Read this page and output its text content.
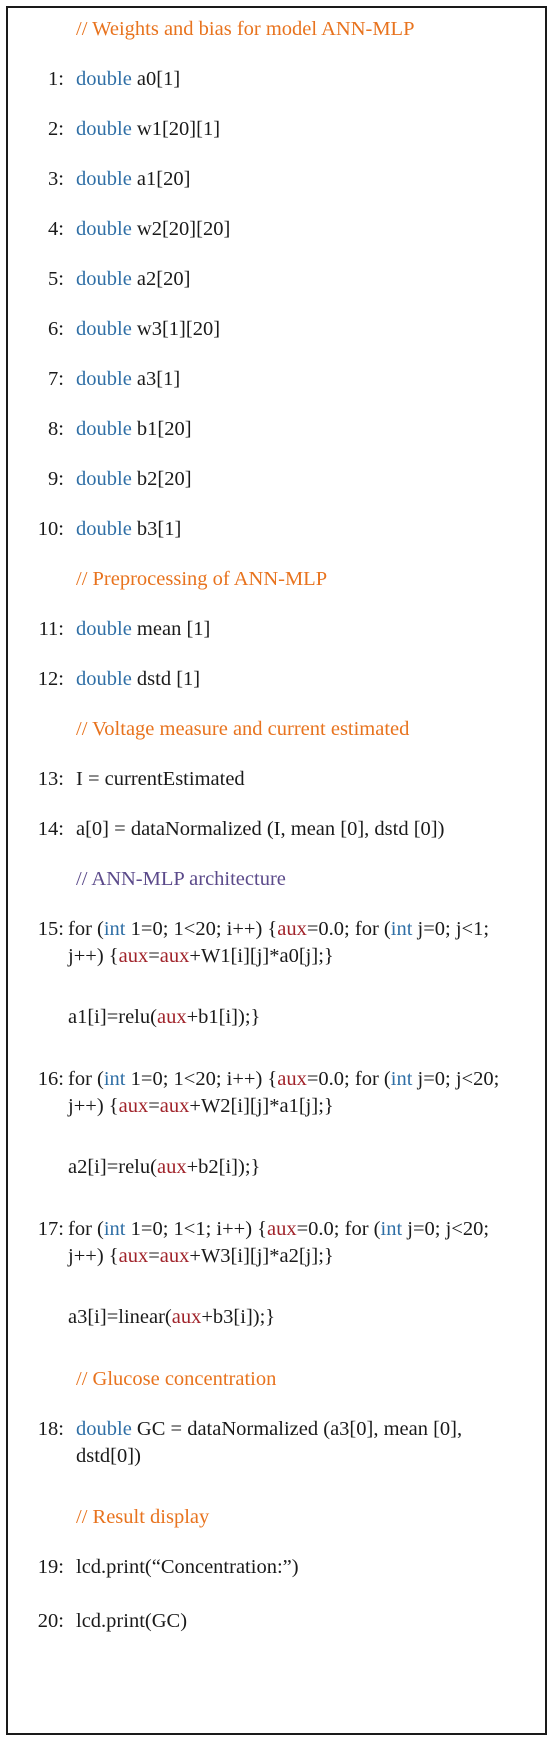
// Weights and bias for model ANN-MLP
1: double a0[1]
2: double w1[20][1]
3: double a1[20]
4: double w2[20][20]
5: double a2[20]
6: double w3[1][20]
7: double a3[1]
8: double b1[20]
9: double b2[20]
10: double b3[1]
// Preprocessing of ANN-MLP
11: double mean [1]
12: double dstd [1]
// Voltage measure and current estimated
13: I = currentEstimated
14: a[0] = dataNormalized (I, mean [0], dstd [0])
// ANN-MLP architecture
15: for (int 1=0; 1<20; i++) {aux=0.0; for (int j=0; j<1; j++) {aux=aux+W1[i][j]*a0[j];}
a1[i]=relu(aux+b1[i]);}
16: for (int 1=0; 1<20; i++) {aux=0.0; for (int j=0; j<20; j++) {aux=aux+W2[i][j]*a1[j];}
a2[i]=relu(aux+b2[i]);}
17: for (int 1=0; 1<1; i++) {aux=0.0; for (int j=0; j<20; j++) {aux=aux+W3[i][j]*a2[j];}
a3[i]=linear(aux+b3[i]);}
// Glucose concentration
18: double GC = dataNormalized (a3[0], mean [0], dstd[0])
// Result display
19: lcd.print(“Concentration:”)
20: lcd.print(GC)
